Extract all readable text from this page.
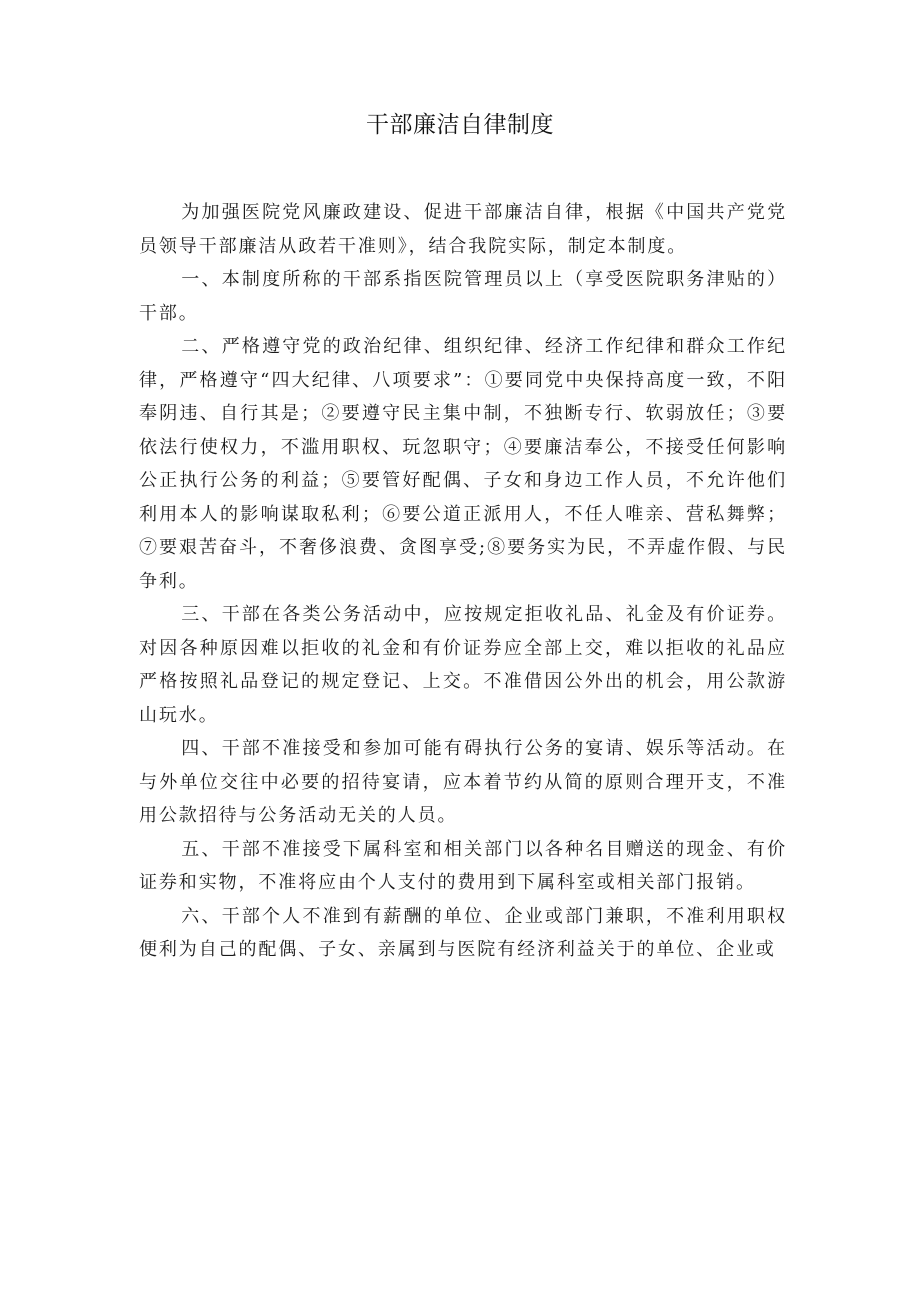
干部廉洁自律制度

为加强医院党风廉政建设、促进干部廉洁自律，根据《中国共产党党员领导干部廉洁从政若干准则》，结合我院实际，制定本制度。

一、本制度所称的干部系指医院管理员以上（享受医院职务津贴的）干部。

二、严格遵守党的政治纪律、组织纪律、经济工作纪律和群众工作纪律，严格遵守“四大纪律、八项要求”：①要同党中央保持高度一致，不阳奉阴违、自行其是；②要遵守民主集中制，不独断专行、软弱放任；③要依法行使权力，不滥用职权、玩忽职守；④要廉洁奉公，不接受任何影响公正执行公务的利益；⑤要管好配偶、子女和身边工作人员，不允许他们利用本人的影响谋取私利；⑥要公道正派用人，不任人唯亲、营私舞弊；⑦要艰苦奋斗，不奢侈浪费、贪图享受;⑧要务实为民，不弄虚作假、与民争利。

三、干部在各类公务活动中，应按规定拒收礼品、礼金及有价证券。对因各种原因难以拒收的礼金和有价证券应全部上交，难以拒收的礼品应严格按照礼品登记的规定登记、上交。不准借因公外出的机会，用公款游山玩水。

四、干部不准接受和参加可能有碍执行公务的宴请、娱乐等活动。在与外单位交往中必要的招待宴请，应本着节约从简的原则合理开支，不准用公款招待与公务活动无关的人员。

五、干部不准接受下属科室和相关部门以各种名目赠送的现金、有价证券和实物，不准将应由个人支付的费用到下属科室或相关部门报销。

六、干部个人不准到有薪酬的单位、企业或部门兼职，不准利用职权便利为自己的配偶、子女、亲属到与医院有经济利益关于的单位、企业或
